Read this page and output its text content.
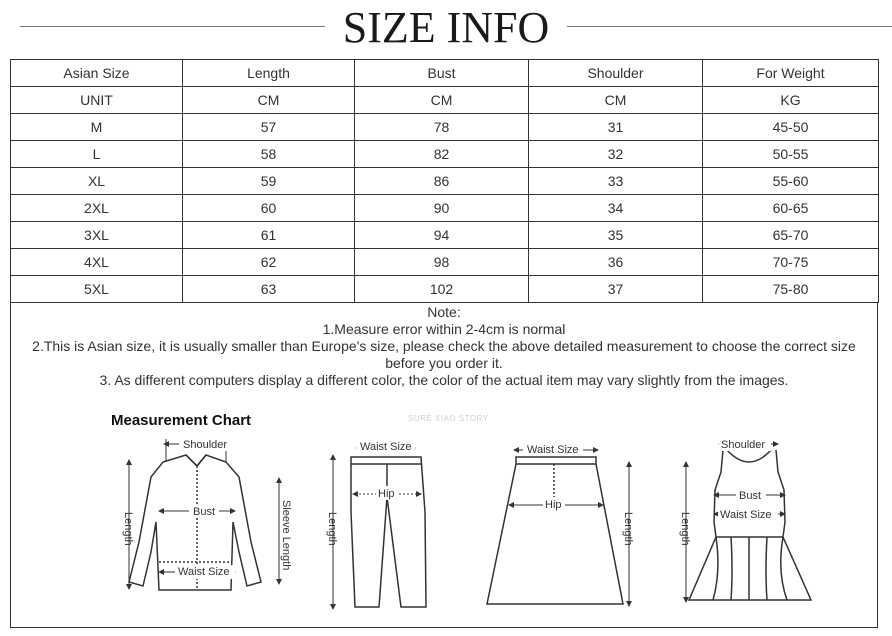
SIZE INFO
Asian Size	Length	Bust	Shoulder	For Weight
UNIT	CM	CM	CM	KG
M	57	78	31	45-50
L	58	82	32	50-55
XL	59	86	33	55-60
2XL	60	90	34	60-65
3XL	61	94	35	65-70
4XL	62	98	36	70-75
5XL	63	102	37	75-80
Note:
1.Measure error within 2-4cm is normal
2.This is Asian size, it is usually smaller than Europe's size, please check the above detailed measurement to choose the correct size
before you order it.
3. As different computers display a different color, the color of the actual item may vary slightly from the images.
Measurement Chart	SURE XIAO STORY
Shoulder
Bust
Waist Size
Length	Sleeve Length
Waist Size
Hip
Length
Waist Size
Hip
Length
Shoulder
Bust
Waist Size
Length
